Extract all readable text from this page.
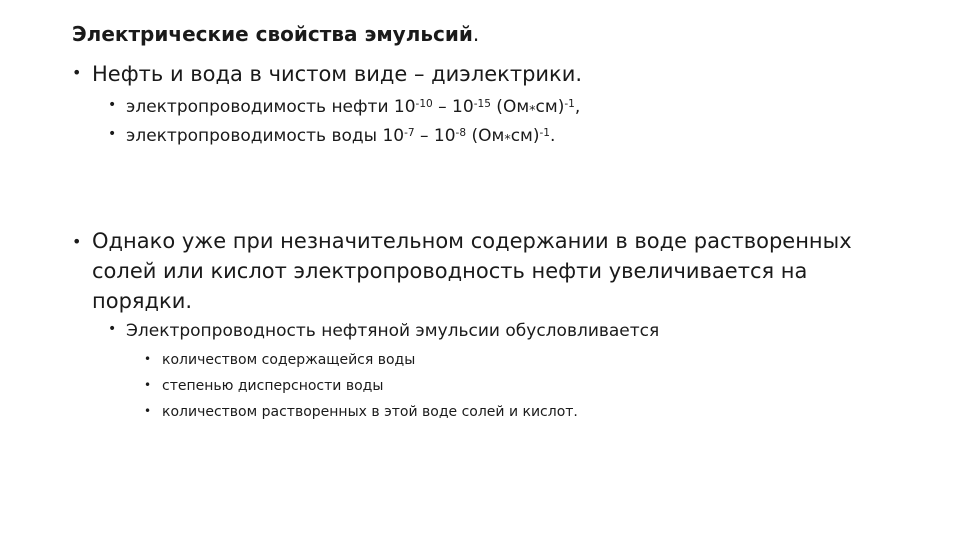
Электрические свойства эмульсий.
• Нефть и вода в чистом виде – диэлектрики.
• электропроводимость нефти $10^{-10} - 10^{-15}$ $(Ом*см)^{-1}$,
• электропроводимость воды $10^{-7} - 10^{-8}$ $(Ом*см)^{-1}$.
• Однако уже при незначительном содержании в воде растворенных
солей или кислот электропроводность нефти увеличивается на
порядки.
• Электропроводность нефтяной эмульсии обусловливается
• количеством содержащейся воды
• степенью дисперсности воды
• количеством растворенных в этой воде солей и кислот.
